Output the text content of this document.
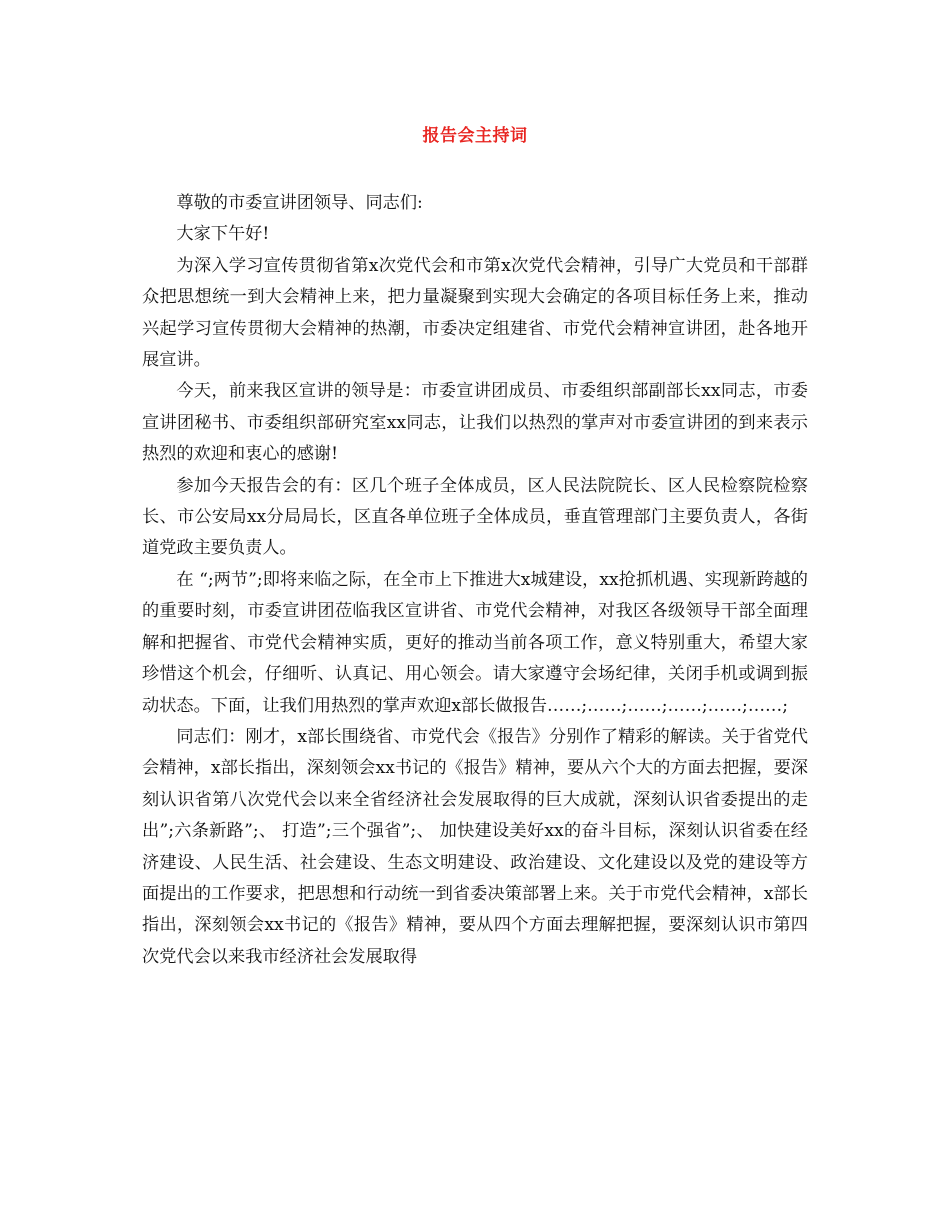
报告会主持词

尊敬的市委宣讲团领导、同志们:

大家下午好!

为深入学习宣传贯彻省第x次党代会和市第x次党代会精神，引导广大党员和干部群众把思想统一到大会精神上来，把力量凝聚到实现大会确定的各项目标任务上来，推动兴起学习宣传贯彻大会精神的热潮，市委决定组建省、市党代会精神宣讲团，赴各地开展宣讲。

今天，前来我区宣讲的领导是：市委宣讲团成员、市委组织部副部长xx同志，市委宣讲团秘书、市委组织部研究室xx同志，让我们以热烈的掌声对市委宣讲团的到来表示热烈的欢迎和衷心的感谢!

参加今天报告会的有：区几个班子全体成员，区人民法院院长、区人民检察院检察长、市公安局xx分局局长，区直各单位班子全体成员，垂直管理部门主要负责人，各街道党政主要负责人。

在 “;两节”;即将来临之际，在全市上下推进大x城建设，xx抢抓机遇、实现新跨越的的重要时刻，市委宣讲团莅临我区宣讲省、市党代会精神，对我区各级领导干部全面理解和把握省、市党代会精神实质，更好的推动当前各项工作，意义特别重大，希望大家珍惜这个机会，仔细听、认真记、用心领会。请大家遵守会场纪律，关闭手机或调到振动状态。下面，让我们用热烈的掌声欢迎x部长做报告……;……;……;……;……;……;

同志们：刚才，x部长围绕省、市党代会《报告》分别作了精彩的解读。关于省党代会精神，x部长指出，深刻领会xx书记的《报告》精神，要从六个大的方面去把握，要深刻认识省第八次党代会以来全省经济社会发展取得的巨大成就，深刻认识省委提出的走出”;六条新路”;、 打造”;三个强省”;、 加快建设美好xx的奋斗目标，深刻认识省委在经济建设、人民生活、社会建设、生态文明建设、政治建设、文化建设以及党的建设等方面提出的工作要求，把思想和行动统一到省委决策部署上来。关于市党代会精神，x部长指出，深刻领会xx书记的《报告》精神，要从四个方面去理解把握，要深刻认识市第四次党代会以来我市经济社会发展取得
